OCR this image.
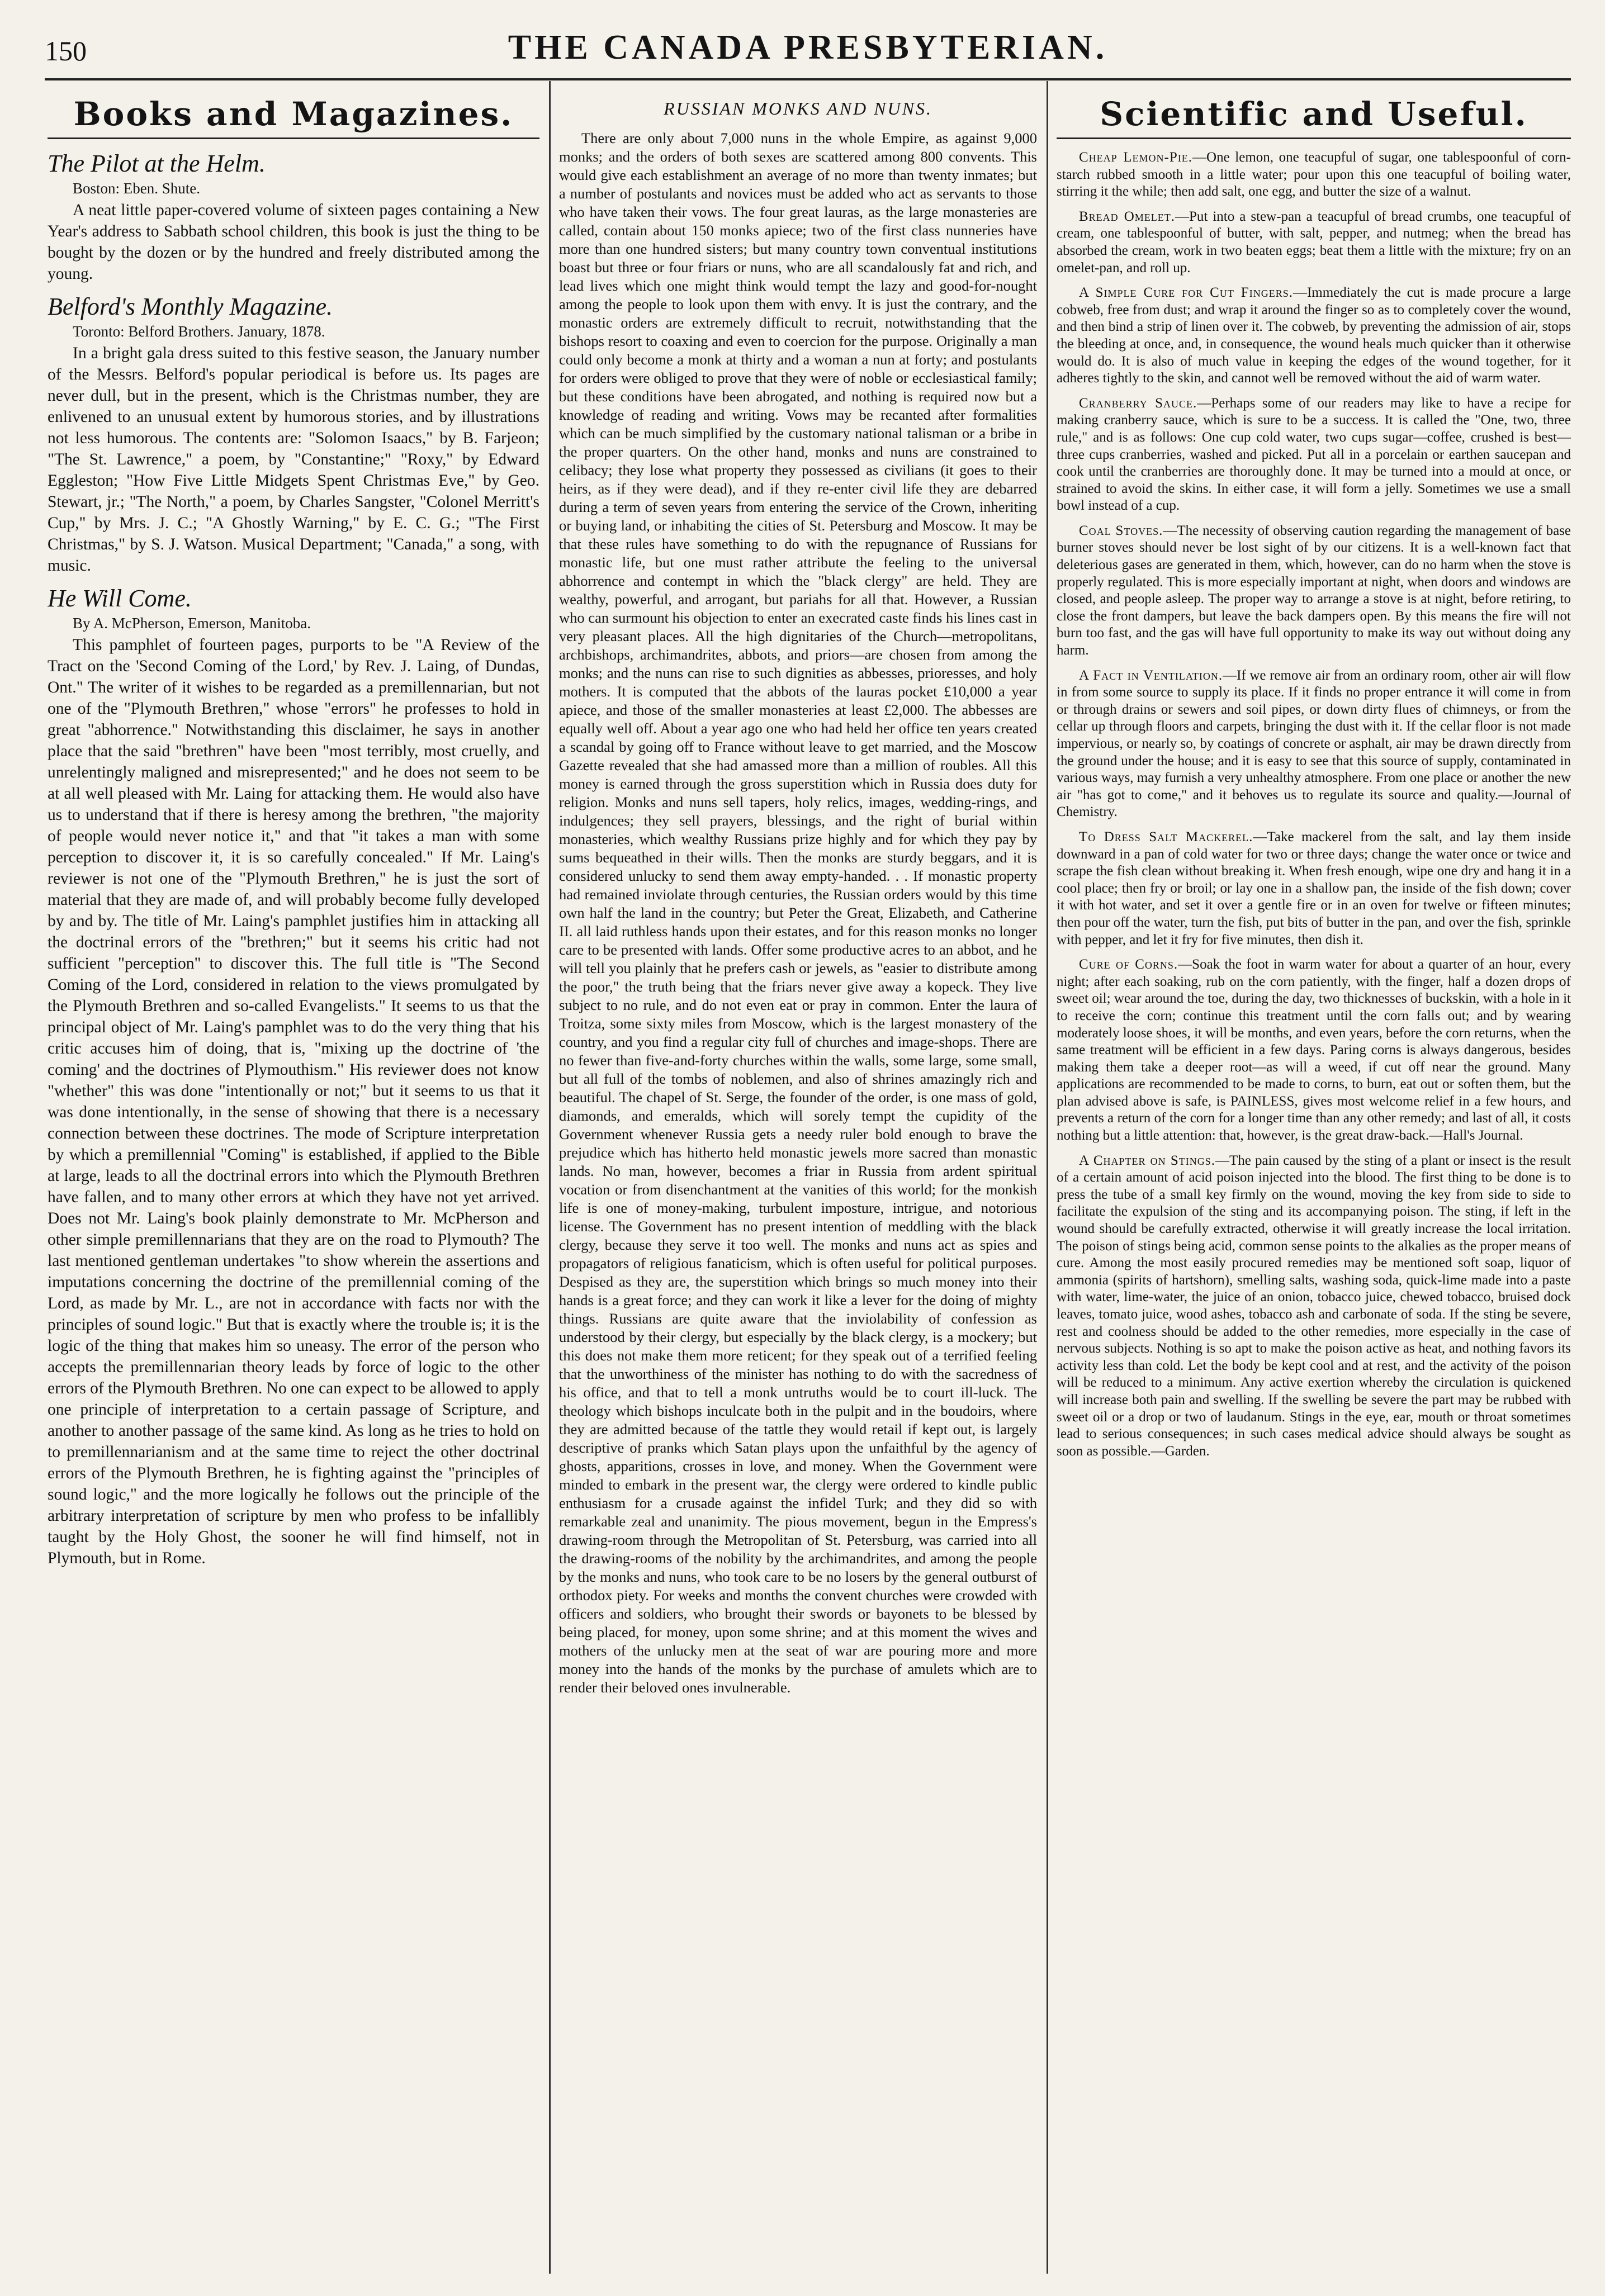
150	THE CANADA PRESBYTERIAN.
Books and Magazines.
The Pilot at the Helm.
Boston: Eben. Shute.

A neat little paper-covered volume of sixteen pages containing a New Year's address to Sabbath school children, this book is just the thing to be bought by the dozen or by the hundred and freely distributed among the young.

Belford's Monthly Magazine.
Toronto: Belford Brothers. January, 1878.

In a bright gala dress suited to this festive season, the January number of the Messrs. Belford's popular periodical is before us. Its pages are never dull, but in the present, which is the Christmas number, they are enlivened to an unusual extent by humorous stories, and by illustrations not less humorous. The contents are: "Solomon Isaacs," by B. Farjeon; "The St. Lawrence," a poem, by "Constantine;" "Roxy," by Edward Eggleston; "How Five Little Midgets Spent Christmas Eve," by Geo. Stewart, jr.; "The North," a poem, by Charles Sangster, "Colonel Merritt's Cup," by Mrs. J. C.; "A Ghostly Warning," by E. C. G.; "The First Christmas," by S. J. Watson. Musical Department; "Canada," a song, with music.

He Will Come.
By A. McPherson, Emerson, Manitoba.

This pamphlet of fourteen pages, purports to be "A Review of the Tract on the 'Second Coming of the Lord,' by Rev. J. Laing, of Dundas, Ont." The writer of it wishes to be regarded as a premillennarian, but not one of the "Plymouth Brethren," whose "errors" he professes to hold in great "abhorrence." Notwithstanding this disclaimer, he says in another place that the said "brethren" have been "most terribly, most cruelly, and unrelentingly maligned and misrepresented;" and he does not seem to be at all well pleased with Mr. Laing for attacking them. He would also have us to understand that if there is heresy among the brethren, "the majority of people would never notice it," and that "it takes a man with some perception to discover it, it is so carefully concealed." If Mr. Laing's reviewer is not one of the "Plymouth Brethren," he is just the sort of material that they are made of, and will probably become fully developed by and by. The title of Mr. Laing's pamphlet justifies him in attacking all the doctrinal errors of the "brethren;" but it seems his critic had not sufficient "perception" to discover this. The full title is "The Second Coming of the Lord, considered in relation to the views promulgated by the Plymouth Brethren and so-called Evangelists." It seems to us that the principal object of Mr. Laing's pamphlet was to do the very thing that his critic accuses him of doing, that is, "mixing up the doctrine of 'the coming' and the doctrines of Plymouthism." His reviewer does not know "whether" this was done "intentionally or not;" but it seems to us that it was done intentionally, in the sense of showing that there is a necessary connection between these doctrines. The mode of Scripture interpretation by which a premillennial "Coming" is established, if applied to the Bible at large, leads to all the doctrinal errors into which the Plymouth Brethren have fallen, and to many other errors at which they have not yet arrived. Does not Mr. Laing's book plainly demonstrate to Mr. McPherson and other simple premillennarians that they are on the road to Plymouth? The last mentioned gentleman undertakes "to show wherein the assertions and imputations concerning the doctrine of the premillennial coming of the Lord, as made by Mr. L., are not in accordance with facts nor with the principles of sound logic." But that is exactly where the trouble is; it is the logic of the thing that makes him so uneasy. The error of the person who accepts the premillennarian theory leads by force of logic to the other errors of the Plymouth Brethren. No one can expect to be allowed to apply one principle of interpretation to a certain passage of Scripture, and another to another passage of the same kind. As long as he tries to hold on to premillennarianism and at the same time to reject the other doctrinal errors of the Plymouth Brethren, he is fighting against the "principles of sound logic," and the more logically he follows out the principle of the arbitrary interpretation of scripture by men who profess to be infallibly taught by the Holy Ghost, the sooner he will find himself, not in Plymouth, but in Rome.

RUSSIAN MONKS AND NUNS.

There are only about 7,000 nuns in the whole Empire, as against 9,000 monks; and the orders of both sexes are scattered among 800 convents. This would give each establishment an average of no more than twenty inmates; but a number of postulants and novices must be added who act as servants to those who have taken their vows. The four great lauras, as the large monasteries are called, contain about 150 monks apiece; two of the first class nunneries have more than one hundred sisters; but many country town conventual institutions boast but three or four friars or nuns, who are all scandalously fat and rich, and lead lives which one might think would tempt the lazy and good-for-nought among the people to look upon them with envy. It is just the contrary, and the monastic orders are extremely difficult to recruit, notwithstanding that the bishops resort to coaxing and even to coercion for the purpose. Originally a man could only become a monk at thirty and a woman a nun at forty; and postulants for orders were obliged to prove that they were of noble or ecclesiastical family; but these conditions have been abrogated, and nothing is required now but a knowledge of reading and writing. Vows may be recanted after formalities which can be much simplified by the customary national talisman or a bribe in the proper quarters. On the other hand, monks and nuns are constrained to celibacy; they lose what property they possessed as civilians (it goes to their heirs, as if they were dead), and if they re-enter civil life they are debarred during a term of seven years from entering the service of the Crown, inheriting or buying land, or inhabiting the cities of St. Petersburg and Moscow. It may be that these rules have something to do with the repugnance of Russians for monastic life, but one must rather attribute the feeling to the universal abhorrence and contempt in which the "black clergy" are held. They are wealthy, powerful, and arrogant, but pariahs for all that. However, a Russian who can surmount his objection to enter an execrated caste finds his lines cast in very pleasant places. All the high dignitaries of the Church—metropolitans, archbishops, archimandrites, abbots, and priors—are chosen from among the monks; and the nuns can rise to such dignities as abbesses, prioresses, and holy mothers. It is computed that the abbots of the lauras pocket £10,000 a year apiece, and those of the smaller monasteries at least £2,000. The abbesses are equally well off. About a year ago one who had held her office ten years created a scandal by going off to France without leave to get married, and the Moscow Gazette revealed that she had amassed more than a million of roubles. All this money is earned through the gross superstition which in Russia does duty for religion. Monks and nuns sell tapers, holy relics, images, wedding-rings, and indulgences; they sell prayers, blessings, and the right of burial within monasteries, which wealthy Russians prize highly and for which they pay by sums bequeathed in their wills. Then the monks are sturdy beggars, and it is considered unlucky to send them away empty-handed. . . If monastic property had remained inviolate through centuries, the Russian orders would by this time own half the land in the country; but Peter the Great, Elizabeth, and Catherine II. all laid ruthless hands upon their estates, and for this reason monks no longer care to be presented with lands. Offer some productive acres to an abbot, and he will tell you plainly that he prefers cash or jewels, as "easier to distribute among the poor," the truth being that the friars never give away a kopeck. They live subject to no rule, and do not even eat or pray in common. Enter the laura of Troitza, some sixty miles from Moscow, which is the largest monastery of the country, and you find a regular city full of churches and image-shops. There are no fewer than five-and-forty churches within the walls, some large, some small, but all full of the tombs of noblemen, and also of shrines amazingly rich and beautiful. The chapel of St. Serge, the founder of the order, is one mass of gold, diamonds, and emeralds, which will sorely tempt the cupidity of the Government whenever Russia gets a needy ruler bold enough to brave the prejudice which has hitherto held monastic jewels more sacred than monastic lands. No man, however, becomes a friar in Russia from ardent spiritual vocation or from disenchantment at the vanities of this world; for the monkish life is one of money-making, turbulent imposture, intrigue, and notorious license. The Government has no present intention of meddling with the black clergy, because they serve it too well. The monks and nuns act as spies and propagators of religious fanaticism, which is often useful for political purposes. Despised as they are, the superstition which brings so much money into their hands is a great force; and they can work it like a lever for the doing of mighty things. Russians are quite aware that the inviolability of confession as understood by their clergy, but especially by the black clergy, is a mockery; but this does not make them more reticent; for they speak out of a terrified feeling that the unworthiness of the minister has nothing to do with the sacredness of his office, and that to tell a monk untruths would be to court ill-luck. The theology which bishops inculcate both in the pulpit and in the boudoirs, where they are admitted because of the tattle they would retail if kept out, is largely descriptive of pranks which Satan plays upon the unfaithful by the agency of ghosts, apparitions, crosses in love, and money. When the Government were minded to embark in the present war, the clergy were ordered to kindle public enthusiasm for a crusade against the infidel Turk; and they did so with remarkable zeal and unanimity. The pious movement, begun in the Empress's drawing-room through the Metropolitan of St. Petersburg, was carried into all the drawing-rooms of the nobility by the archimandrites, and among the people by the monks and nuns, who took care to be no losers by the general outburst of orthodox piety. For weeks and months the convent churches were crowded with officers and soldiers, who brought their swords or bayonets to be blessed by being placed, for money, upon some shrine; and at this moment the wives and mothers of the unlucky men at the seat of war are pouring more and more money into the hands of the monks by the purchase of amulets which are to render their beloved ones invulnerable.

Scientific and Useful.

Cheap Lemon-Pie.—One lemon, one teacupful of sugar, one tablespoonful of corn-starch rubbed smooth in a little water; pour upon this one teacupful of boiling water, stirring it the while; then add salt, one egg, and butter the size of a walnut.

Bread Omelet.—Put into a stew-pan a teacupful of bread crumbs, one teacupful of cream, one tablespoonful of butter, with salt, pepper, and nutmeg; when the bread has absorbed the cream, work in two beaten eggs; beat them a little with the mixture; fry on an omelet-pan, and roll up.

A Simple Cure for Cut Fingers.—Immediately the cut is made procure a large cobweb, free from dust; and wrap it around the finger so as to completely cover the wound, and then bind a strip of linen over it. The cobweb, by preventing the admission of air, stops the bleeding at once, and, in consequence, the wound heals much quicker than it otherwise would do. It is also of much value in keeping the edges of the wound together, for it adheres tightly to the skin, and cannot well be removed without the aid of warm water.

Cranberry Sauce.—Perhaps some of our readers may like to have a recipe for making cranberry sauce, which is sure to be a success. It is called the "One, two, three rule," and is as follows: One cup cold water, two cups sugar—coffee, crushed is best—three cups cranberries, washed and picked. Put all in a porcelain or earthen saucepan and cook until the cranberries are thoroughly done. It may be turned into a mould at once, or strained to avoid the skins. In either case, it will form a jelly. Sometimes we use a small bowl instead of a cup.

Coal Stoves.—The necessity of observing caution regarding the management of base burner stoves should never be lost sight of by our citizens. It is a well-known fact that deleterious gases are generated in them, which, however, can do no harm when the stove is properly regulated. This is more especially important at night, when doors and windows are closed, and people asleep. The proper way to arrange a stove is at night, before retiring, to close the front dampers, but leave the back dampers open. By this means the fire will not burn too fast, and the gas will have full opportunity to make its way out without doing any harm.

A Fact in Ventilation.—If we remove air from an ordinary room, other air will flow in from some source to supply its place. If it finds no proper entrance it will come in from or through drains or sewers and soil pipes, or down dirty flues of chimneys, or from the cellar up through floors and carpets, bringing the dust with it. If the cellar floor is not made impervious, or nearly so, by coatings of concrete or asphalt, air may be drawn directly from the ground under the house; and it is easy to see that this source of supply, contaminated in various ways, may furnish a very unhealthy atmosphere. From one place or another the new air "has got to come," and it behoves us to regulate its source and quality.—Journal of Chemistry.

To Dress Salt Mackerel.—Take mackerel from the salt, and lay them inside downward in a pan of cold water for two or three days; change the water once or twice and scrape the fish clean without breaking it. When fresh enough, wipe one dry and hang it in a cool place; then fry or broil; or lay one in a shallow pan, the inside of the fish down; cover it with hot water, and set it over a gentle fire or in an oven for twelve or fifteen minutes; then pour off the water, turn the fish, put bits of butter in the pan, and over the fish, sprinkle with pepper, and let it fry for five minutes, then dish it.

Cure of Corns.—Soak the foot in warm water for about a quarter of an hour, every night; after each soaking, rub on the corn patiently, with the finger, half a dozen drops of sweet oil; wear around the toe, during the day, two thicknesses of buckskin, with a hole in it to receive the corn; continue this treatment until the corn falls out; and by wearing moderately loose shoes, it will be months, and even years, before the corn returns, when the same treatment will be efficient in a few days. Paring corns is always dangerous, besides making them take a deeper root—as will a weed, if cut off near the ground. Many applications are recommended to be made to corns, to burn, eat out or soften them, but the plan advised above is safe, is PAINLESS, gives most welcome relief in a few hours, and prevents a return of the corn for a longer time than any other remedy; and last of all, it costs nothing but a little attention: that, however, is the great draw-back.—Hall's Journal.

A Chapter on Stings.—The pain caused by the sting of a plant or insect is the result of a certain amount of acid poison injected into the blood. The first thing to be done is to press the tube of a small key firmly on the wound, moving the key from side to side to facilitate the expulsion of the sting and its accompanying poison. The sting, if left in the wound should be carefully extracted, otherwise it will greatly increase the local irritation. The poison of stings being acid, common sense points to the alkalies as the proper means of cure. Among the most easily procured remedies may be mentioned soft soap, liquor of ammonia (spirits of hartshorn), smelling salts, washing soda, quick-lime made into a paste with water, lime-water, the juice of an onion, tobacco juice, chewed tobacco, bruised dock leaves, tomato juice, wood ashes, tobacco ash and carbonate of soda. If the sting be severe, rest and coolness should be added to the other remedies, more especially in the case of nervous subjects. Nothing is so apt to make the poison active as heat, and nothing favors its activity less than cold. Let the body be kept cool and at rest, and the activity of the poison will be reduced to a minimum. Any active exertion whereby the circulation is quickened will increase both pain and swelling. If the swelling be severe the part may be rubbed with sweet oil or a drop or two of laudanum. Stings in the eye, ear, mouth or throat sometimes lead to serious consequences; in such cases medical advice should always be sought as soon as possible.—Garden.
